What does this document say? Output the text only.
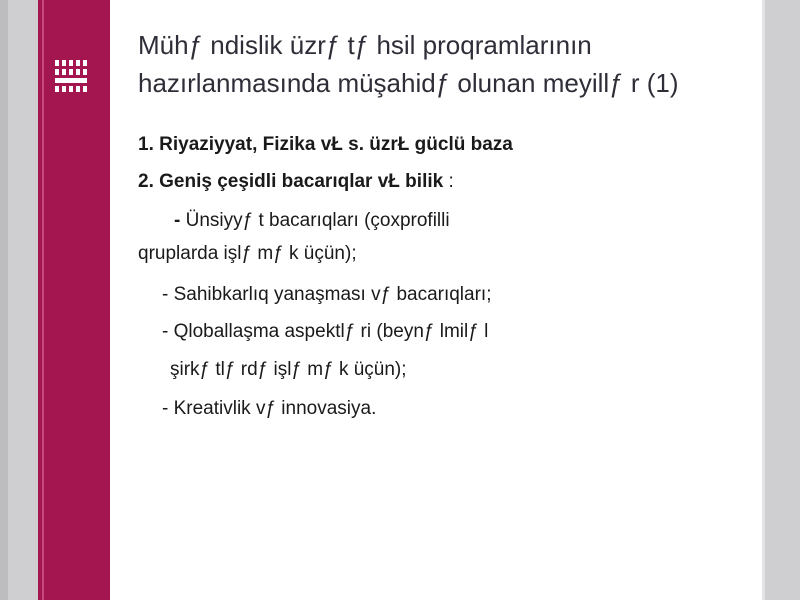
Mühƒ ndislik üzrƒ tƒ hsil proqramlarının
hazırlanmasında müşahidƒ olunan meyillƒ r (1)
1. Riyaziyyat, Fizika vŁ s. üzrŁ güclü baza
2. Geniş çeşidli bacarıqlar vŁ bilik :
- Ünsiyyƒ t bacarıqları (çoxprofilli
qruplarda işlƒ mƒ k üçün);
- Sahibkarlıq yanaşması vƒ bacarıqları;
- Qloballaşma aspektlƒ ri (beynƒ lmilƒ l
şirkƒ tlƒ rdƒ işlƒ mƒ k üçün);
- Kreativlik vƒ innovasiya.
